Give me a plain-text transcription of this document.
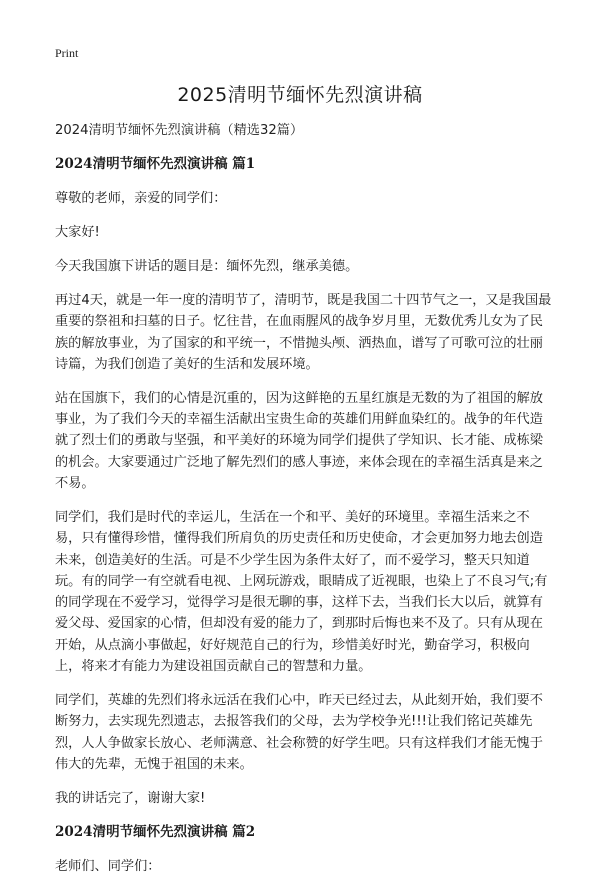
Print
2025清明节缅怀先烈演讲稿

2024清明节缅怀先烈演讲稿（精选32篇）

2024清明节缅怀先烈演讲稿 篇1

尊敬的老师，亲爱的同学们：

大家好!

今天我国旗下讲话的题目是：缅怀先烈，继承美德。

再过4天，就是一年一度的清明节了，清明节，既是我国二十四节气之一，又是我国最重要的祭祖和扫墓的日子。忆往昔，在血雨腥风的战争岁月里，无数优秀儿女为了民族的解放事业，为了国家的和平统一，不惜抛头颅、洒热血，谱写了可歌可泣的壮丽诗篇，为我们创造了美好的生活和发展环境。

站在国旗下，我们的心情是沉重的，因为这鲜艳的五星红旗是无数的为了祖国的解放事业，为了我们今天的幸福生活献出宝贵生命的英雄们用鲜血染红的。战争的年代造就了烈士们的勇敢与坚强，和平美好的环境为同学们提供了学知识、长才能、成栋梁的机会。大家要通过广泛地了解先烈们的感人事迹，来体会现在的幸福生活真是来之不易。

同学们，我们是时代的幸运儿，生活在一个和平、美好的环境里。幸福生活来之不易，只有懂得珍惜，懂得我们所肩负的历史责任和历史使命，才会更加努力地去创造未来，创造美好的生活。可是不少学生因为条件太好了，而不爱学习，整天只知道玩。有的同学一有空就看电视、上网玩游戏，眼睛成了近视眼，也染上了不良习气;有的同学现在不爱学习，觉得学习是很无聊的事，这样下去，当我们长大以后，就算有爱父母、爱国家的心情，但却没有爱的能力了，到那时后悔也来不及了。只有从现在开始，从点滴小事做起，好好规范自己的行为，珍惜美好时光，勤奋学习，积极向上，将来才有能力为建设祖国贡献自己的智慧和力量。

同学们，英雄的先烈们将永远活在我们心中，昨天已经过去，从此刻开始，我们要不断努力，去实现先烈遗志，去报答我们的父母，去为学校争光!!!让我们铭记英雄先烈，人人争做家长放心、老师满意、社会称赞的好学生吧。只有这样我们才能无愧于伟大的先辈，无愧于祖国的未来。

我的讲话完了，谢谢大家!

2024清明节缅怀先烈演讲稿 篇2

老师们、同学们：
